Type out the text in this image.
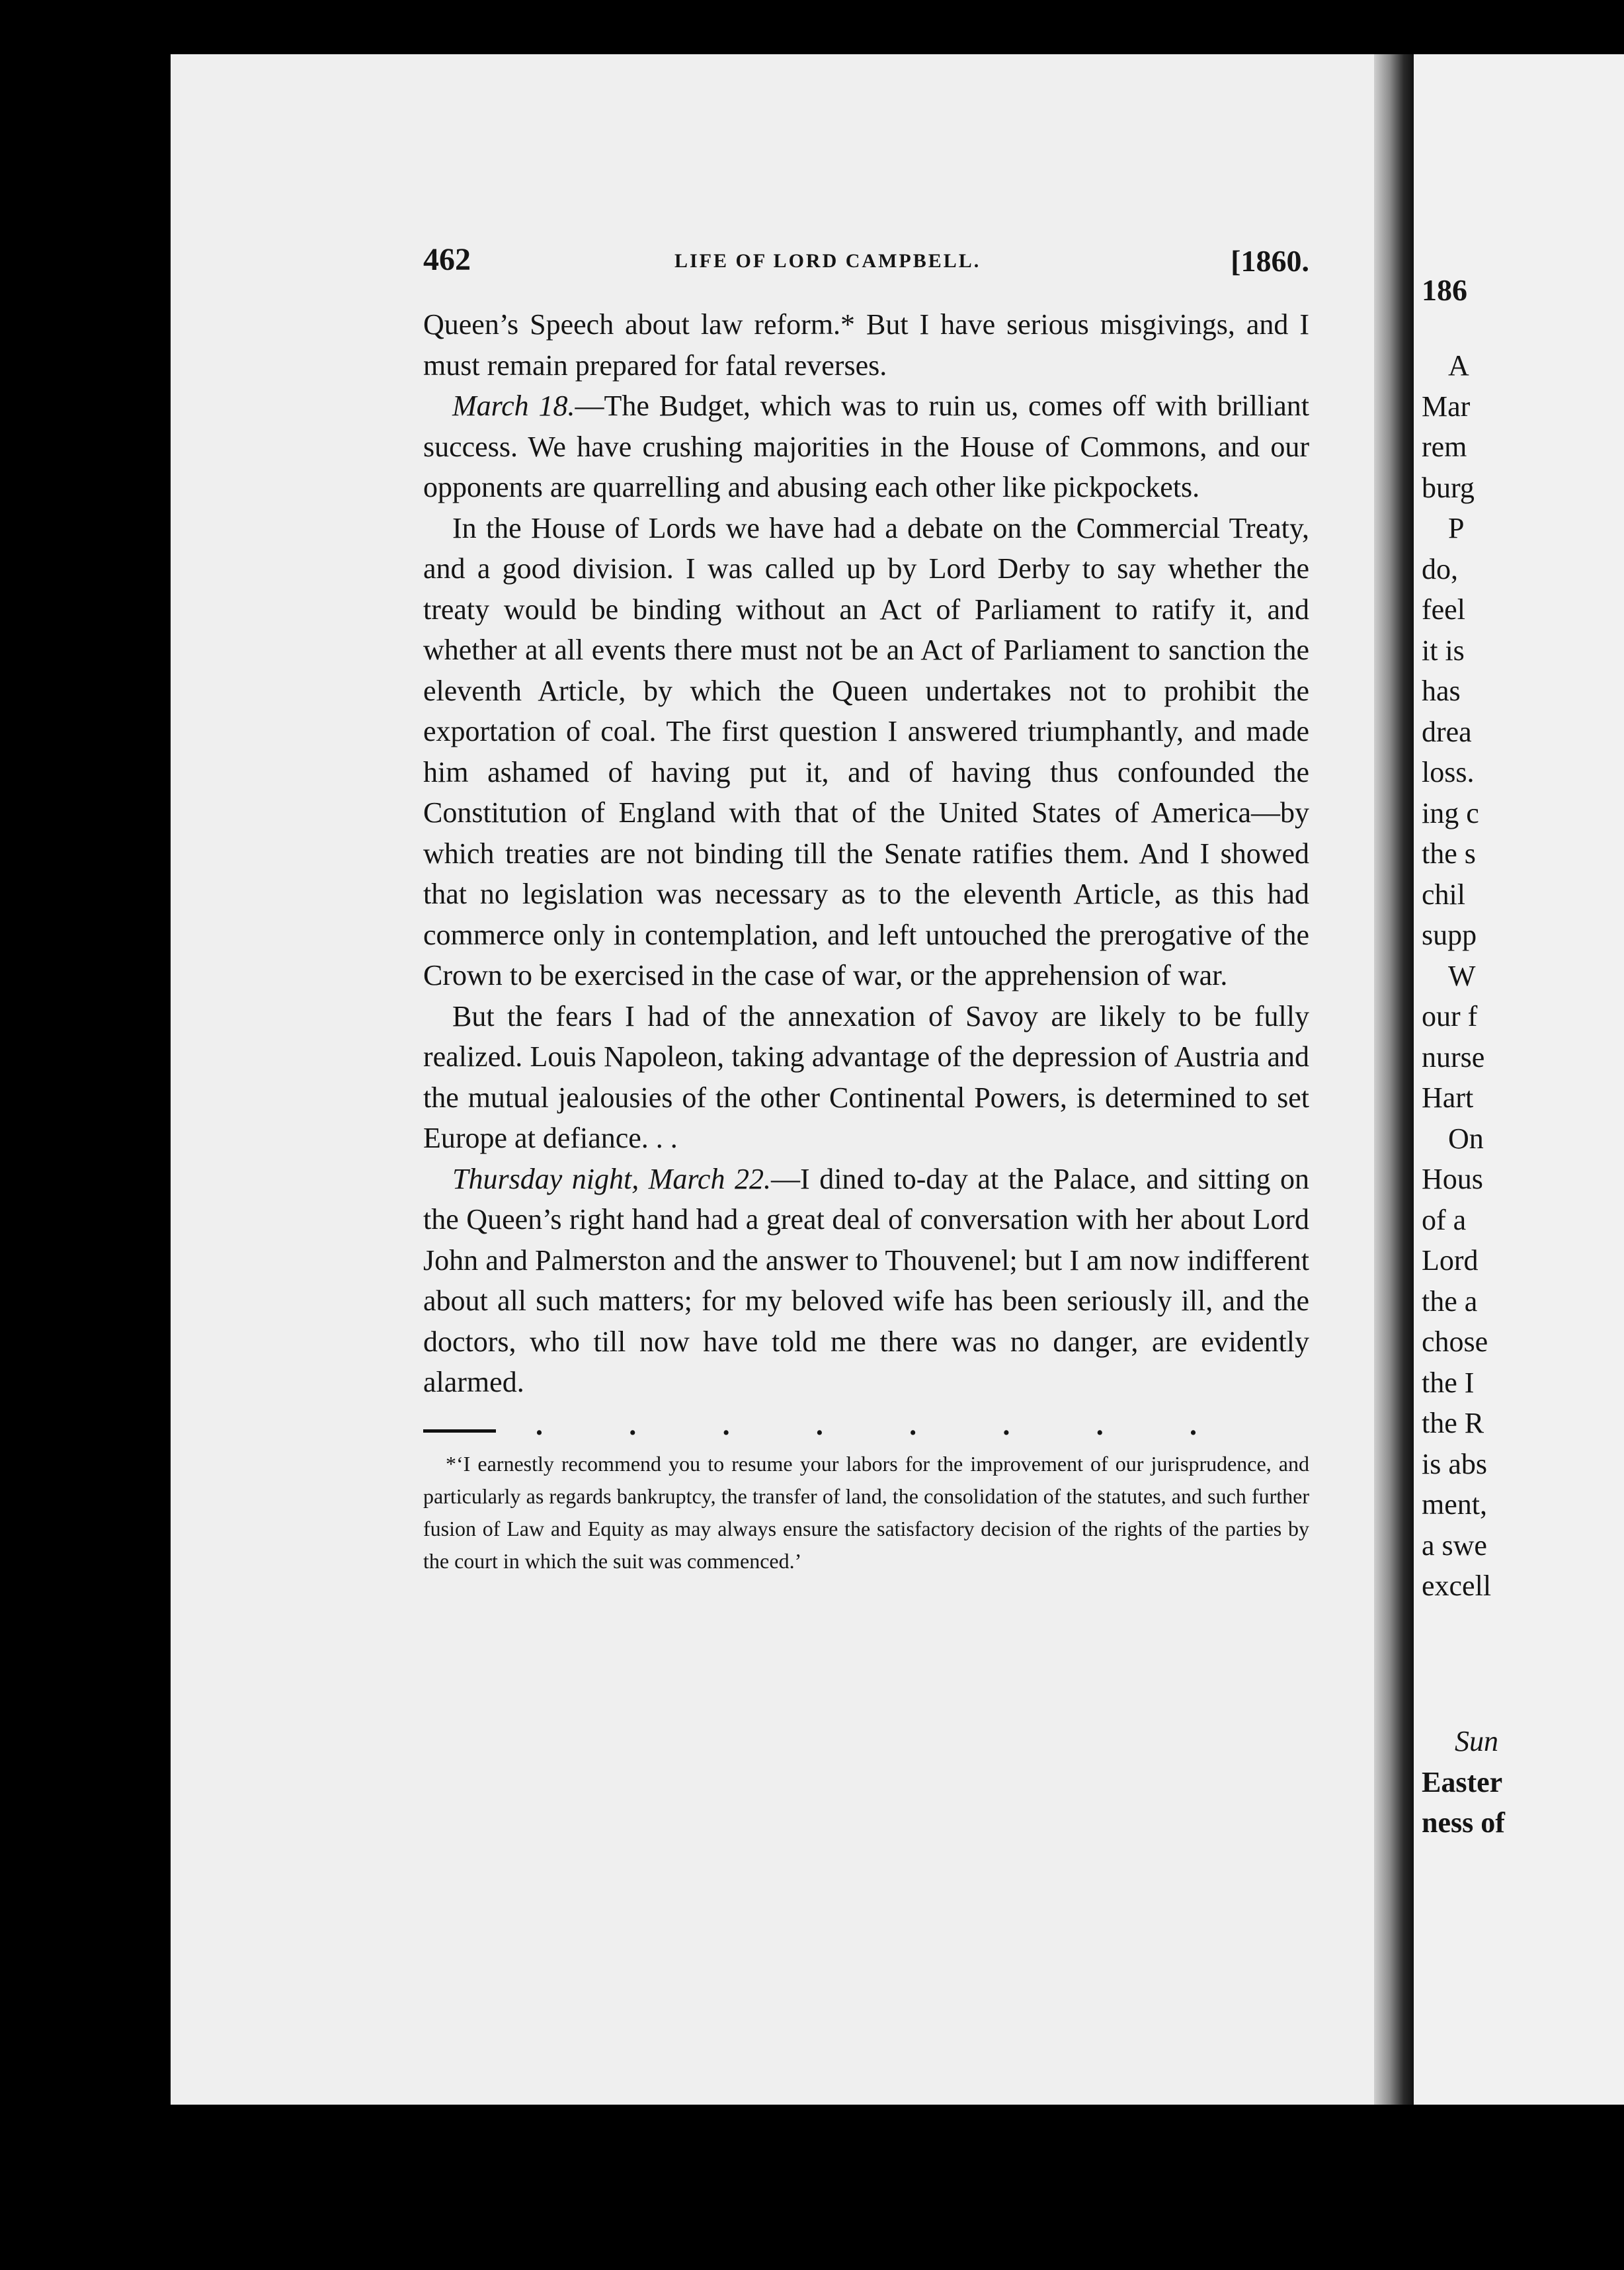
462	LIFE OF LORD CAMPBELL.	[1860.

Queen’s Speech about law reform.* But I have serious misgivings, and I must remain prepared for fatal reverses.

March 18.—The Budget, which was to ruin us, comes off with brilliant success. We have crushing majorities in the House of Commons, and our opponents are quarrelling and abusing each other like pickpockets.

In the House of Lords we have had a debate on the Commercial Treaty, and a good division. I was called up by Lord Derby to say whether the treaty would be binding without an Act of Parliament to ratify it, and whether at all events there must not be an Act of Parliament to sanction the eleventh Article, by which the Queen undertakes not to prohibit the exportation of coal. The first question I answered triumphantly, and made him ashamed of having put it, and of having thus confounded the Constitution of England with that of the United States of America—by which treaties are not binding till the Senate ratifies them. And I showed that no legislation was necessary as to the eleventh Article, as this had commerce only in contemplation, and left untouched the prerogative of the Crown to be exercised in the case of war, or the apprehension of war.

But the fears I had of the annexation of Savoy are likely to be fully realized. Louis Napoleon, taking advantage of the depression of Austria and the mutual jealousies of the other Continental Powers, is determined to set Europe at defiance. . .

Thursday night, March 22.—I dined to-day at the Palace, and sitting on the Queen’s right hand had a great deal of conversation with her about Lord John and Palmerston and the answer to Thouvenel; but I am now indifferent about all such matters; for my beloved wife has been seriously ill, and the doctors, who till now have told me there was no danger, are evidently alarmed.

.	.	.	.	.	.	.	.

*‘I earnestly recommend you to resume your labors for the improvement of our jurisprudence, and particularly as regards bankruptcy, the transfer of land, the consolidation of the statutes, and such further fusion of Law and Equity as may always ensure the satisfactory decision of the rights of the parties by the court in which the suit was commenced.’

186
A
Mar
rem
burg
P
do,
feel
it is
has
drea
loss.
ing c
the s
chil
supp
W
our f
nurse
Hart
On
Hous
of a
Lord
the a
chose
the I
the R
is abs
ment,
a swe
excell
Sun
Easter
ness of
